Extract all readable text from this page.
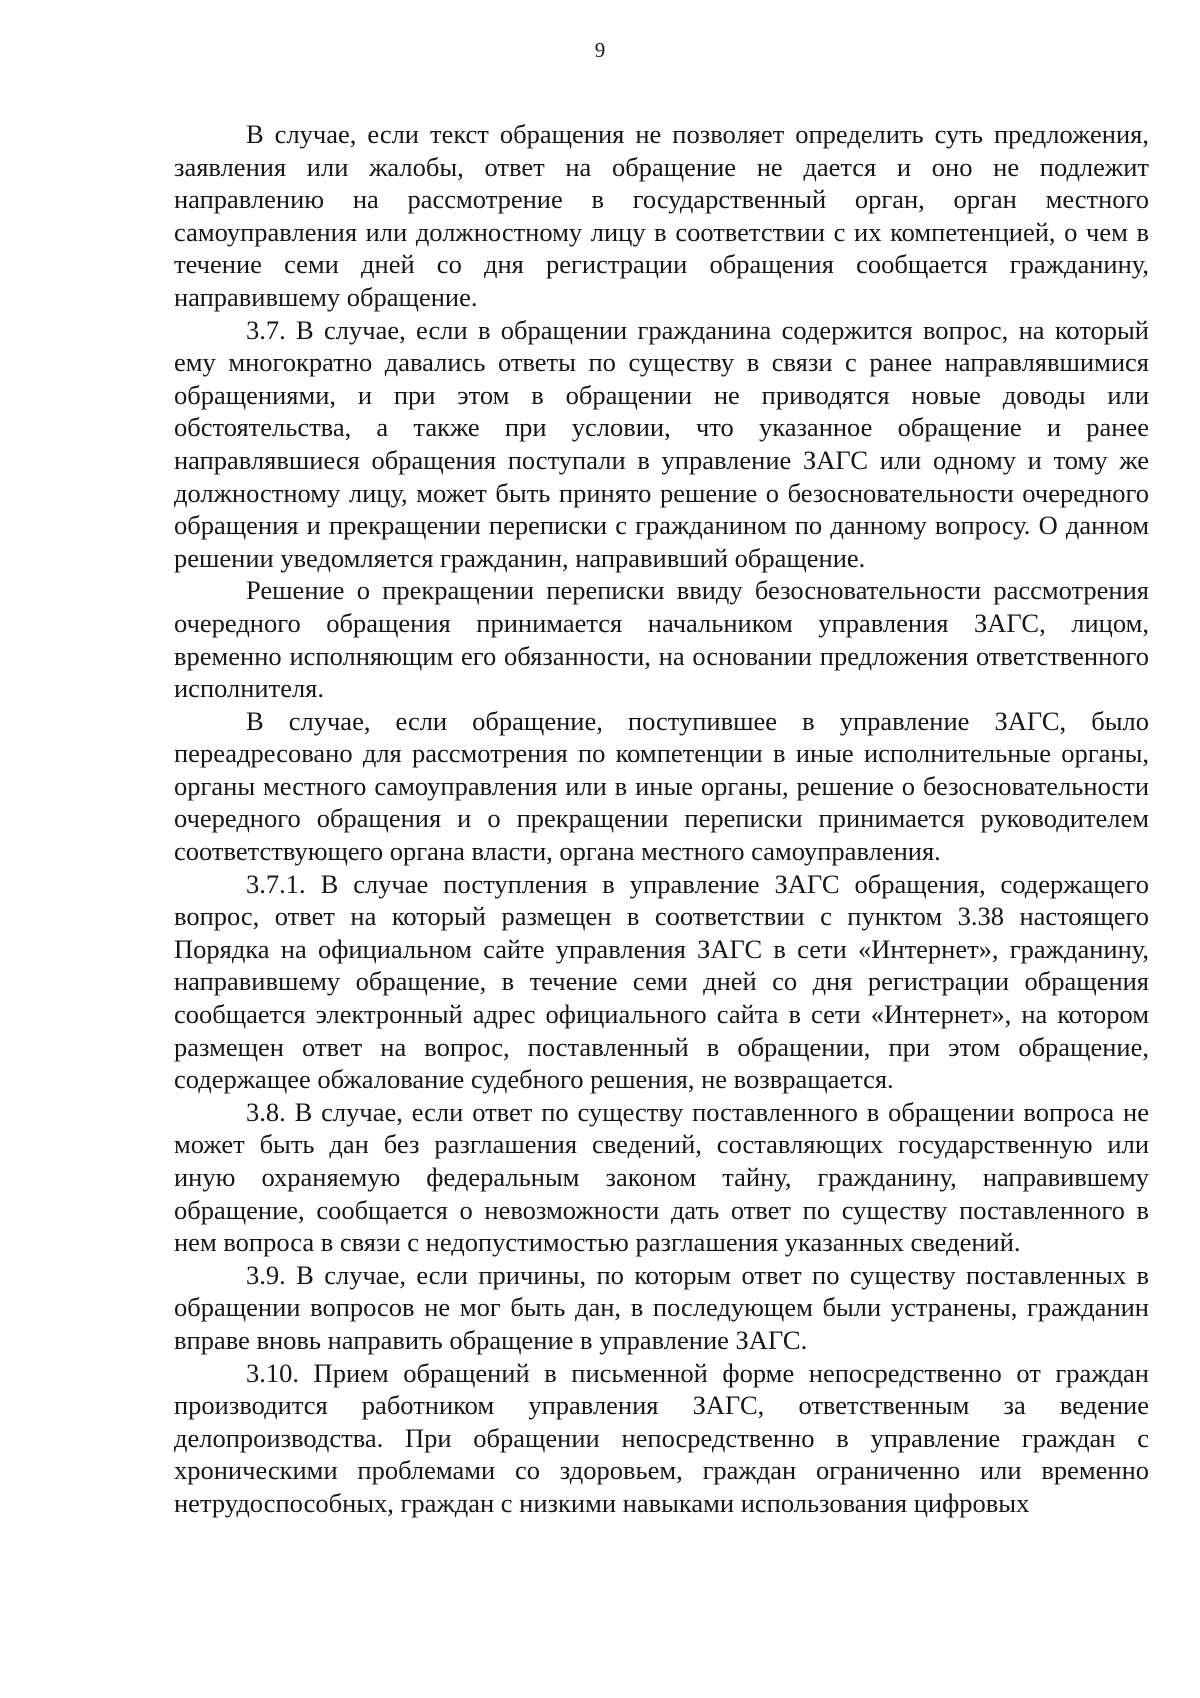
9

В случае, если текст обращения не позволяет определить суть предложения, заявления или жалобы, ответ на обращение не дается и оно не подлежит направлению на рассмотрение в государственный орган, орган местного самоуправления или должностному лицу в соответствии с их компетенцией, о чем в течение семи дней со дня регистрации обращения сообщается гражданину, направившему обращение.

3.7. В случае, если в обращении гражданина содержится вопрос, на который ему многократно давались ответы по существу в связи с ранее направлявшимися обращениями, и при этом в обращении не приводятся новые доводы или обстоятельства, а также при условии, что указанное обращение и ранее направлявшиеся обращения поступали в управление ЗАГС или одному и тому же должностному лицу, может быть принято решение о безосновательности очередного обращения и прекращении переписки с гражданином по данному вопросу. О данном решении уведомляется гражданин, направивший обращение.

Решение о прекращении переписки ввиду безосновательности рассмотрения очередного обращения принимается начальником управления ЗАГС, лицом, временно исполняющим его обязанности, на основании предложения ответственного исполнителя.

В случае, если обращение, поступившее в управление ЗАГС, было переадресовано для рассмотрения по компетенции в иные исполнительные органы, органы местного самоуправления или в иные органы, решение о безосновательности очередного обращения и о прекращении переписки принимается руководителем соответствующего органа власти, органа местного самоуправления.

3.7.1. В случае поступления в управление ЗАГС обращения, содержащего вопрос, ответ на который размещен в соответствии с пунктом 3.38 настоящего Порядка на официальном сайте управления ЗАГС в сети «Интернет», гражданину, направившему обращение, в течение семи дней со дня регистрации обращения сообщается электронный адрес официального сайта в сети «Интернет», на котором размещен ответ на вопрос, поставленный в обращении, при этом обращение, содержащее обжалование судебного решения, не возвращается.

3.8. В случае, если ответ по существу поставленного в обращении вопроса не может быть дан без разглашения сведений, составляющих государственную или иную охраняемую федеральным законом тайну, гражданину, направившему обращение, сообщается о невозможности дать ответ по существу поставленного в нем вопроса в связи с недопустимостью разглашения указанных сведений.

3.9. В случае, если причины, по которым ответ по существу поставленных в обращении вопросов не мог быть дан, в последующем были устранены, гражданин вправе вновь направить обращение в управление ЗАГС.

3.10. Прием обращений в письменной форме непосредственно от граждан производится работником управления ЗАГС, ответственным за ведение делопроизводства. При обращении непосредственно в управление граждан с хроническими проблемами со здоровьем, граждан ограниченно или временно нетрудоспособных, граждан с низкими навыками использования цифровых
